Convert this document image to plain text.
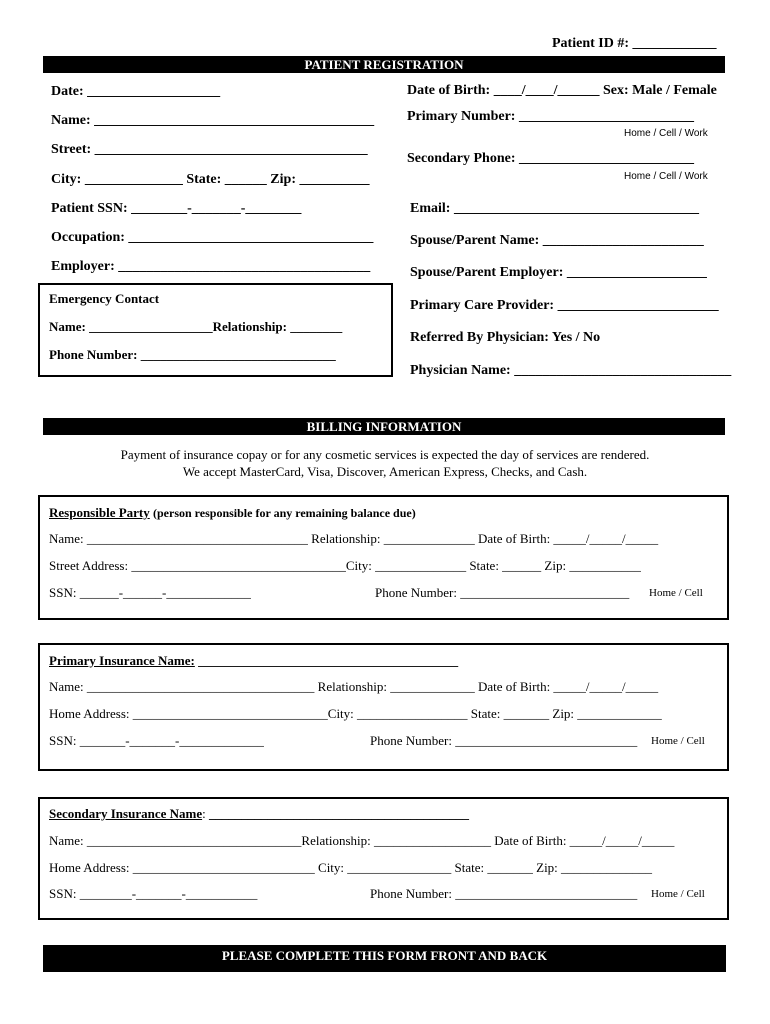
Patient ID #: ____________
PATIENT REGISTRATION
Date: ___________________
Name: ________________________________________
Street: _______________________________________
City: ______________ State: ______ Zip: __________
Patient SSN: ________-_______-________
Occupation: ___________________________________
Employer: ____________________________________
Emergency Contact
Name: ___________________Relationship: ________
Phone Number: ______________________________
Date of Birth: ____/____/______ Sex: Male / Female
Primary Number: _________________________
Home / Cell / Work
Secondary Phone: _________________________
Home / Cell / Work
Email: ___________________________________
Spouse/Parent Name: _______________________
Spouse/Parent Employer: ____________________
Primary Care Provider: _______________________
Referred By Physician: Yes / No
Physician Name: _______________________________
BILLING INFORMATION
Payment of insurance copay or for any cosmetic services is expected the day of services are rendered.
We accept MasterCard, Visa, Discover, American Express, Checks, and Cash.
Responsible Party (person responsible for any remaining balance due)
Name: __________________________________ Relationship: ______________ Date of Birth: _____/_____/_____
Street Address: _________________________________City: ______________ State: ______ Zip: ___________
SSN: ______-______-_____________	Phone Number: __________________________ Home / Cell
Primary Insurance Name: ________________________________________
Name: ___________________________________ Relationship: _____________ Date of Birth: _____/_____/_____
Home Address: ______________________________City: _________________ State: _______ Zip: _____________
SSN: _______-_______-_____________	Phone Number: ____________________________ Home / Cell
Secondary Insurance Name: ________________________________________
Name: _________________________________Relationship: __________________ Date of Birth: _____/_____/_____
Home Address: ____________________________ City: ________________ State: _______ Zip: ______________
SSN: ________-_______-___________	Phone Number: ____________________________ Home / Cell
PLEASE COMPLETE THIS FORM FRONT AND BACK
